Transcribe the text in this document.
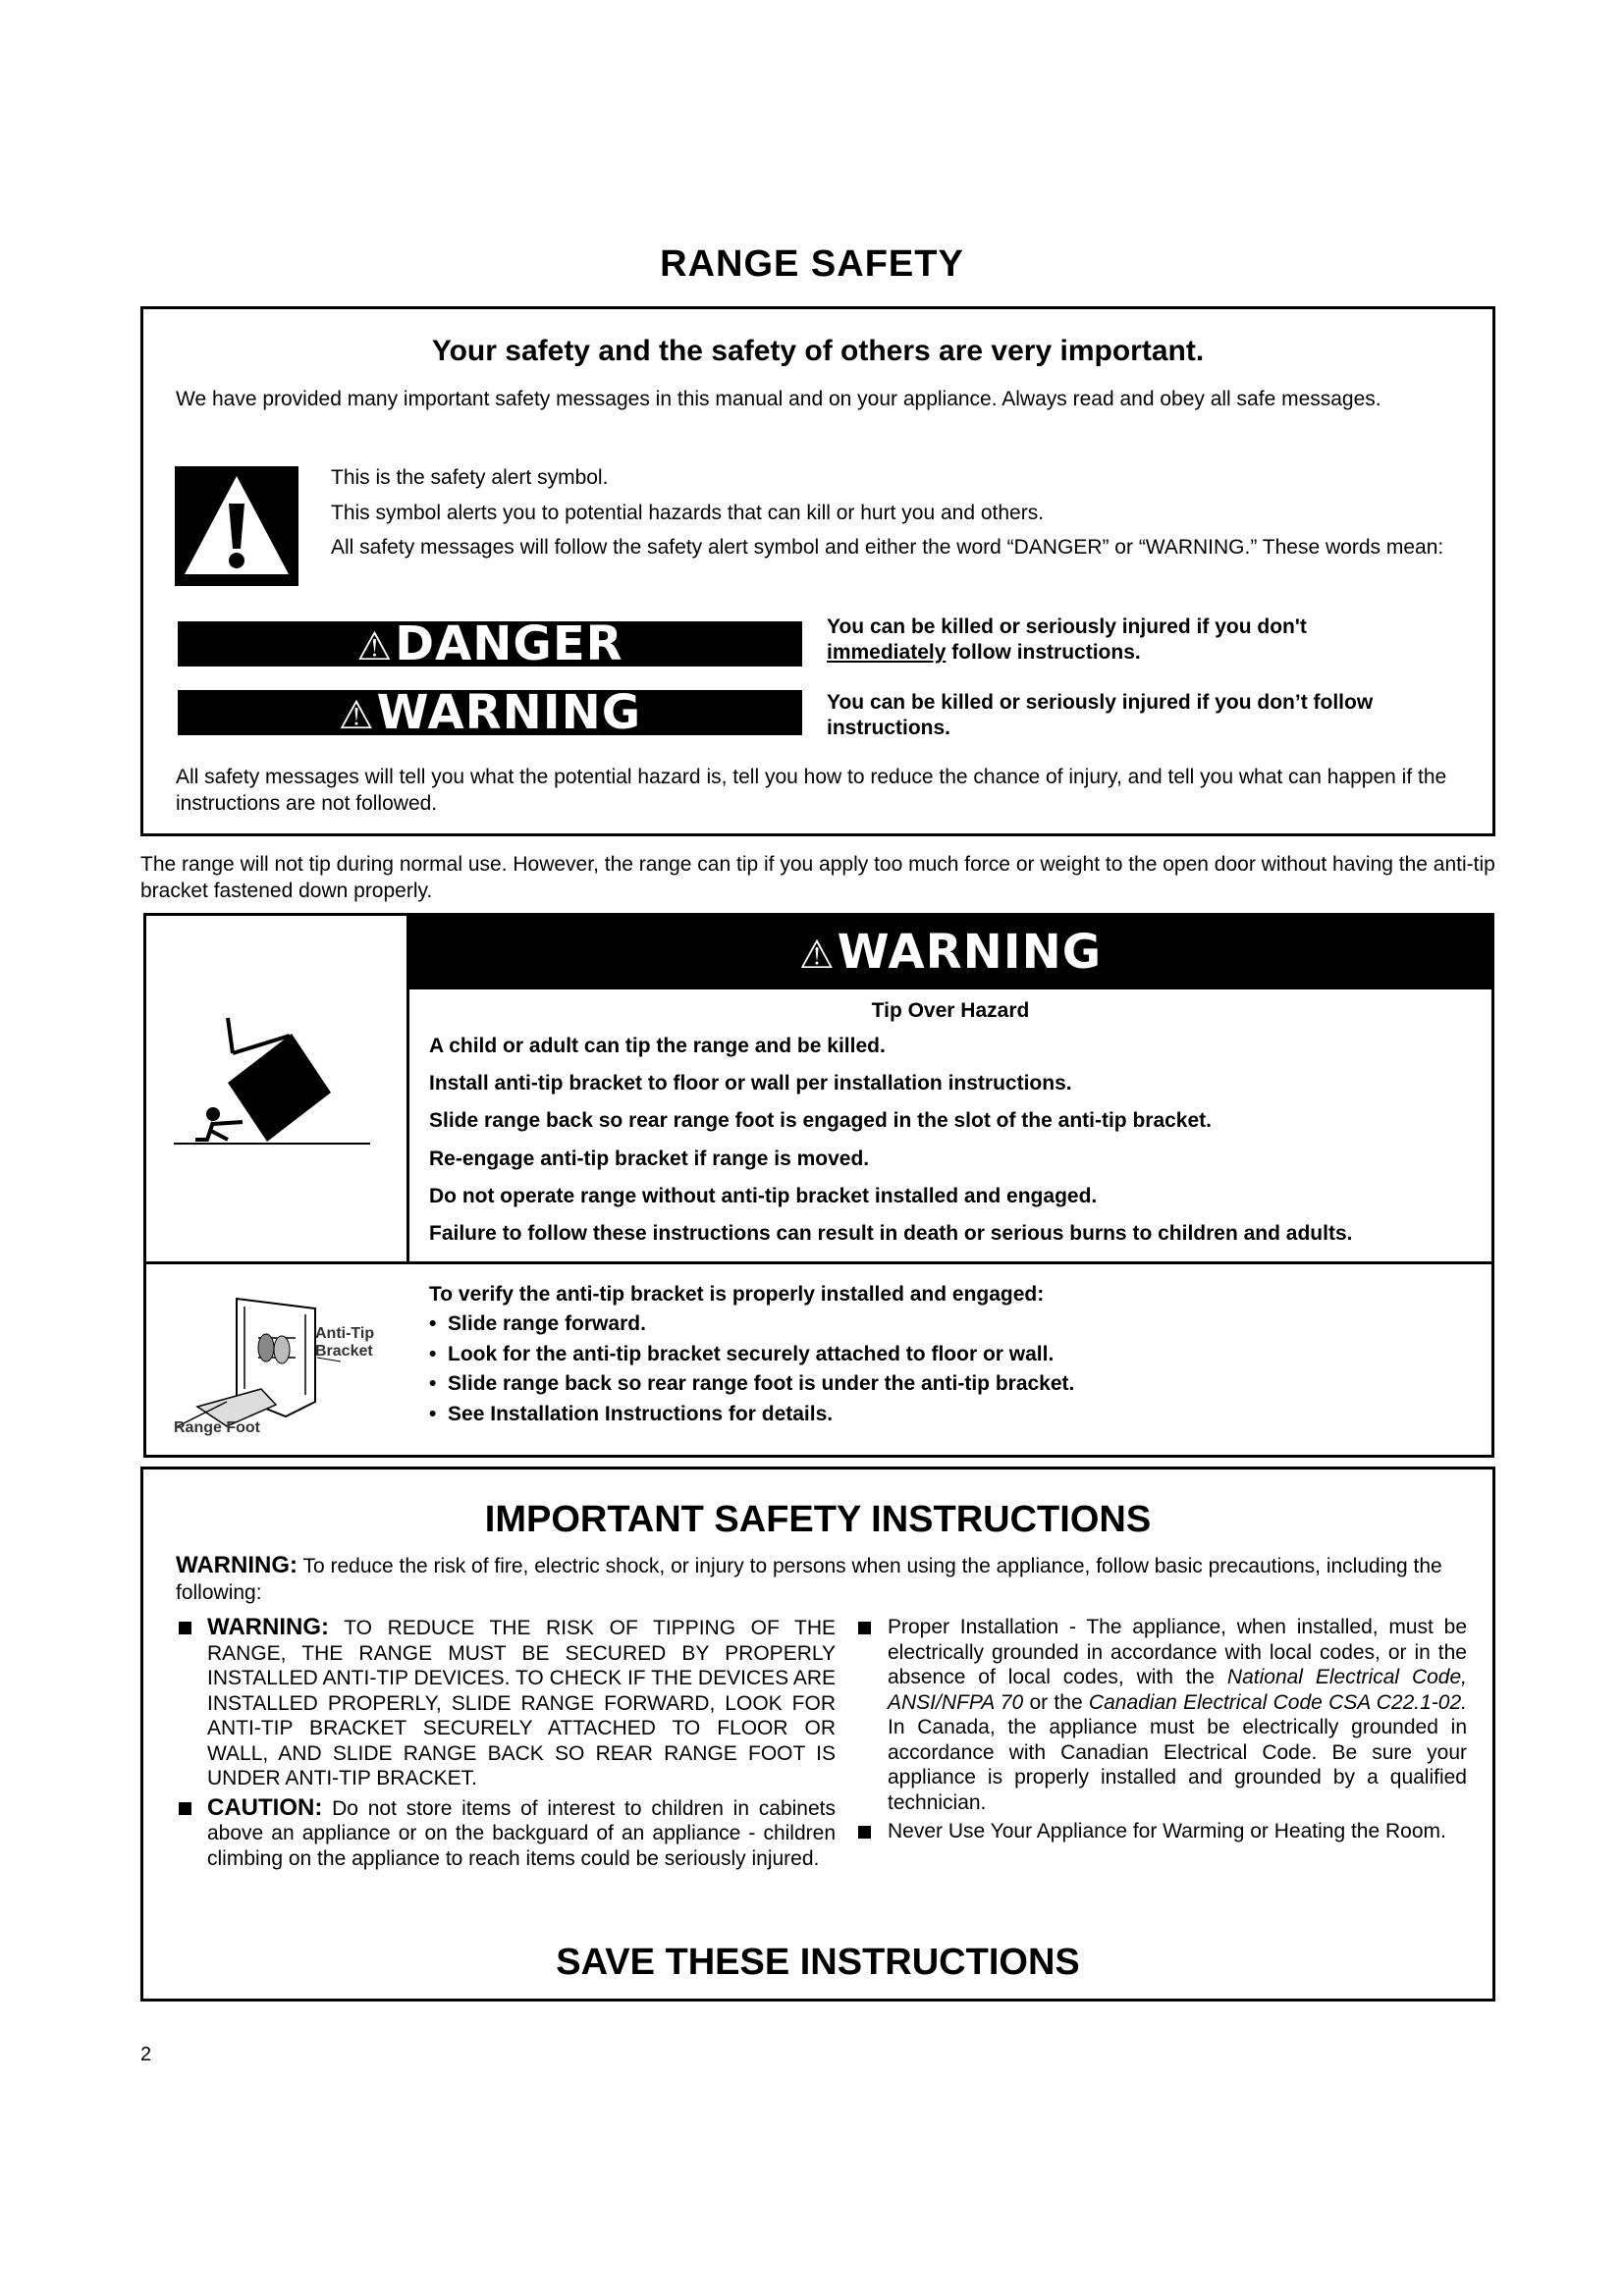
RANGE SAFETY
Your safety and the safety of others are very important.
We have provided many important safety messages in this manual and on your appliance. Always read and obey all safe messages.
This is the safety alert symbol.
This symbol alerts you to potential hazards that can kill or hurt you and others.
All safety messages will follow the safety alert symbol and either the word “DANGER” or “WARNING.” These words mean:
⚠DANGER	You can be killed or seriously injured if you don't
immediately follow instructions.
⚠WARNING	You can be killed or seriously injured if you don’t follow instructions.
All safety messages will tell you what the potential hazard is, tell you how to reduce the chance of injury, and tell you what can happen if the instructions are not followed.
The range will not tip during normal use. However, the range can tip if you apply too much force or weight to the open door without having the anti-tip bracket fastened down properly.
⚠WARNING
Tip Over Hazard
A child or adult can tip the range and be killed.
Install anti-tip bracket to floor or wall per installation instructions.
Slide range back so rear range foot is engaged in the slot of the anti-tip bracket.
Re-engage anti-tip bracket if range is moved.
Do not operate range without anti-tip bracket installed and engaged.
Failure to follow these instructions can result in death or serious burns to children and adults.
Anti-Tip
Bracket
Range Foot
To verify the anti-tip bracket is properly installed and engaged:
•  Slide range forward.
•  Look for the anti-tip bracket securely attached to floor or wall.
•  Slide range back so rear range foot is under the anti-tip bracket.
•  See Installation Instructions for details.
IMPORTANT SAFETY INSTRUCTIONS
WARNING: To reduce the risk of fire, electric shock, or injury to persons when using the appliance, follow basic precautions, including the following:
WARNING: TO REDUCE THE RISK OF TIPPING OF THE RANGE, THE RANGE MUST BE SECURED BY PROPERLY INSTALLED ANTI-TIP DEVICES. TO CHECK IF THE DEVICES ARE INSTALLED PROPERLY, SLIDE RANGE FORWARD, LOOK FOR ANTI-TIP BRACKET SECURELY ATTACHED TO FLOOR OR WALL, AND SLIDE RANGE BACK SO REAR RANGE FOOT IS UNDER ANTI-TIP BRACKET.
CAUTION: Do not store items of interest to children in cabinets above an appliance or on the backguard of an appliance - children climbing on the appliance to reach items could be seriously injured.
Proper Installation - The appliance, when installed, must be electrically grounded in accordance with local codes, or in the absence of local codes, with the National Electrical Code, ANSI/NFPA 70 or the Canadian Electrical Code CSA C22.1-02. In Canada, the appliance must be electrically grounded in accordance with Canadian Electrical Code. Be sure your appliance is properly installed and grounded by a qualified technician.
Never Use Your Appliance for Warming or Heating the Room.
SAVE THESE INSTRUCTIONS
2
